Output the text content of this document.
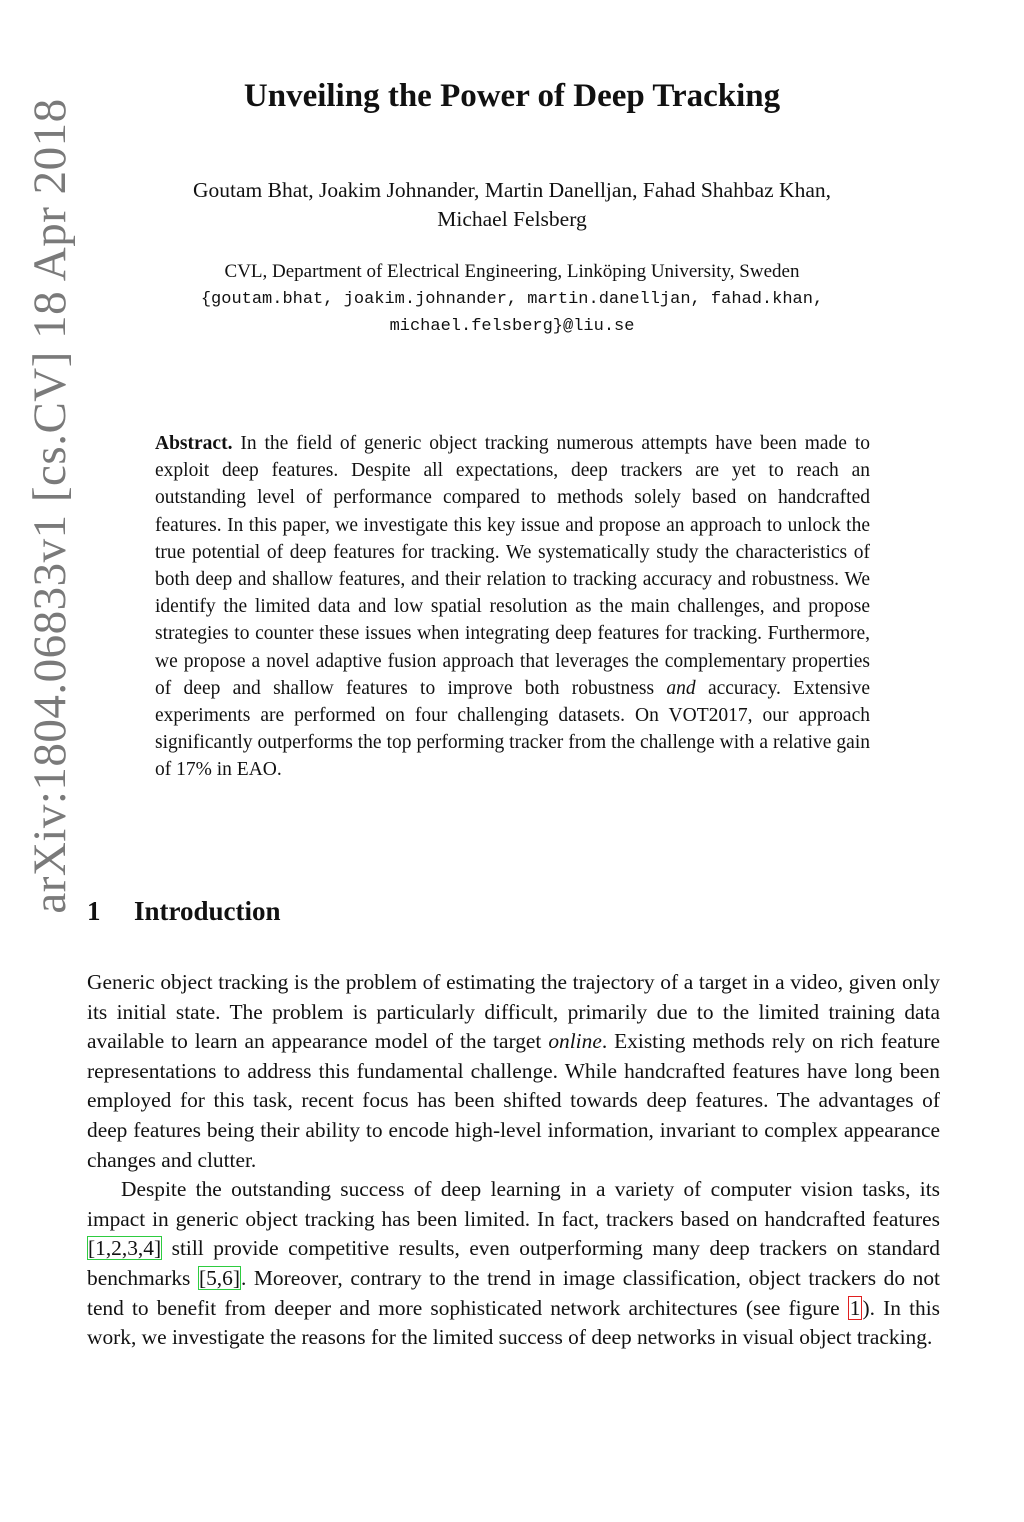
arXiv:1804.06833v1 [cs.CV] 18 Apr 2018
Unveiling the Power of Deep Tracking
Goutam Bhat, Joakim Johnander, Martin Danelljan, Fahad Shahbaz Khan,
Michael Felsberg
CVL, Department of Electrical Engineering, Linköping University, Sweden
{goutam.bhat, joakim.johnander, martin.danelljan, fahad.khan,
michael.felsberg}@liu.se
Abstract. In the field of generic object tracking numerous attempts have been made to exploit deep features. Despite all expectations, deep trackers are yet to reach an outstanding level of performance compared to methods solely based on handcrafted features. In this paper, we investigate this key issue and propose an approach to unlock the true potential of deep features for tracking. We systematically study the characteristics of both deep and shallow features, and their relation to tracking accuracy and robustness. We identify the limited data and low spatial resolution as the main challenges, and propose strategies to counter these issues when integrating deep features for tracking. Furthermore, we propose a novel adaptive fusion approach that leverages the complementary properties of deep and shallow features to improve both robustness and accuracy. Extensive experiments are performed on four challenging datasets. On VOT2017, our approach significantly outperforms the top performing tracker from the challenge with a relative gain of 17% in EAO.
1 Introduction

Generic object tracking is the problem of estimating the trajectory of a target in a video, given only its initial state. The problem is particularly difficult, primarily due to the limited training data available to learn an appearance model of the target online. Existing methods rely on rich feature representations to address this fundamental challenge. While handcrafted features have long been employed for this task, recent focus has been shifted towards deep features. The advantages of deep features being their ability to encode high-level information, invariant to complex appearance changes and clutter.

Despite the outstanding success of deep learning in a variety of computer vision tasks, its impact in generic object tracking has been limited. In fact, trackers based on handcrafted features [1,2,3,4] still provide competitive results, even outperforming many deep trackers on standard benchmarks [5,6]. Moreover, contrary to the trend in image classification, object trackers do not tend to benefit from deeper and more sophisticated network architectures (see figure 1). In this work, we investigate the reasons for the limited success of deep networks in visual object tracking.
